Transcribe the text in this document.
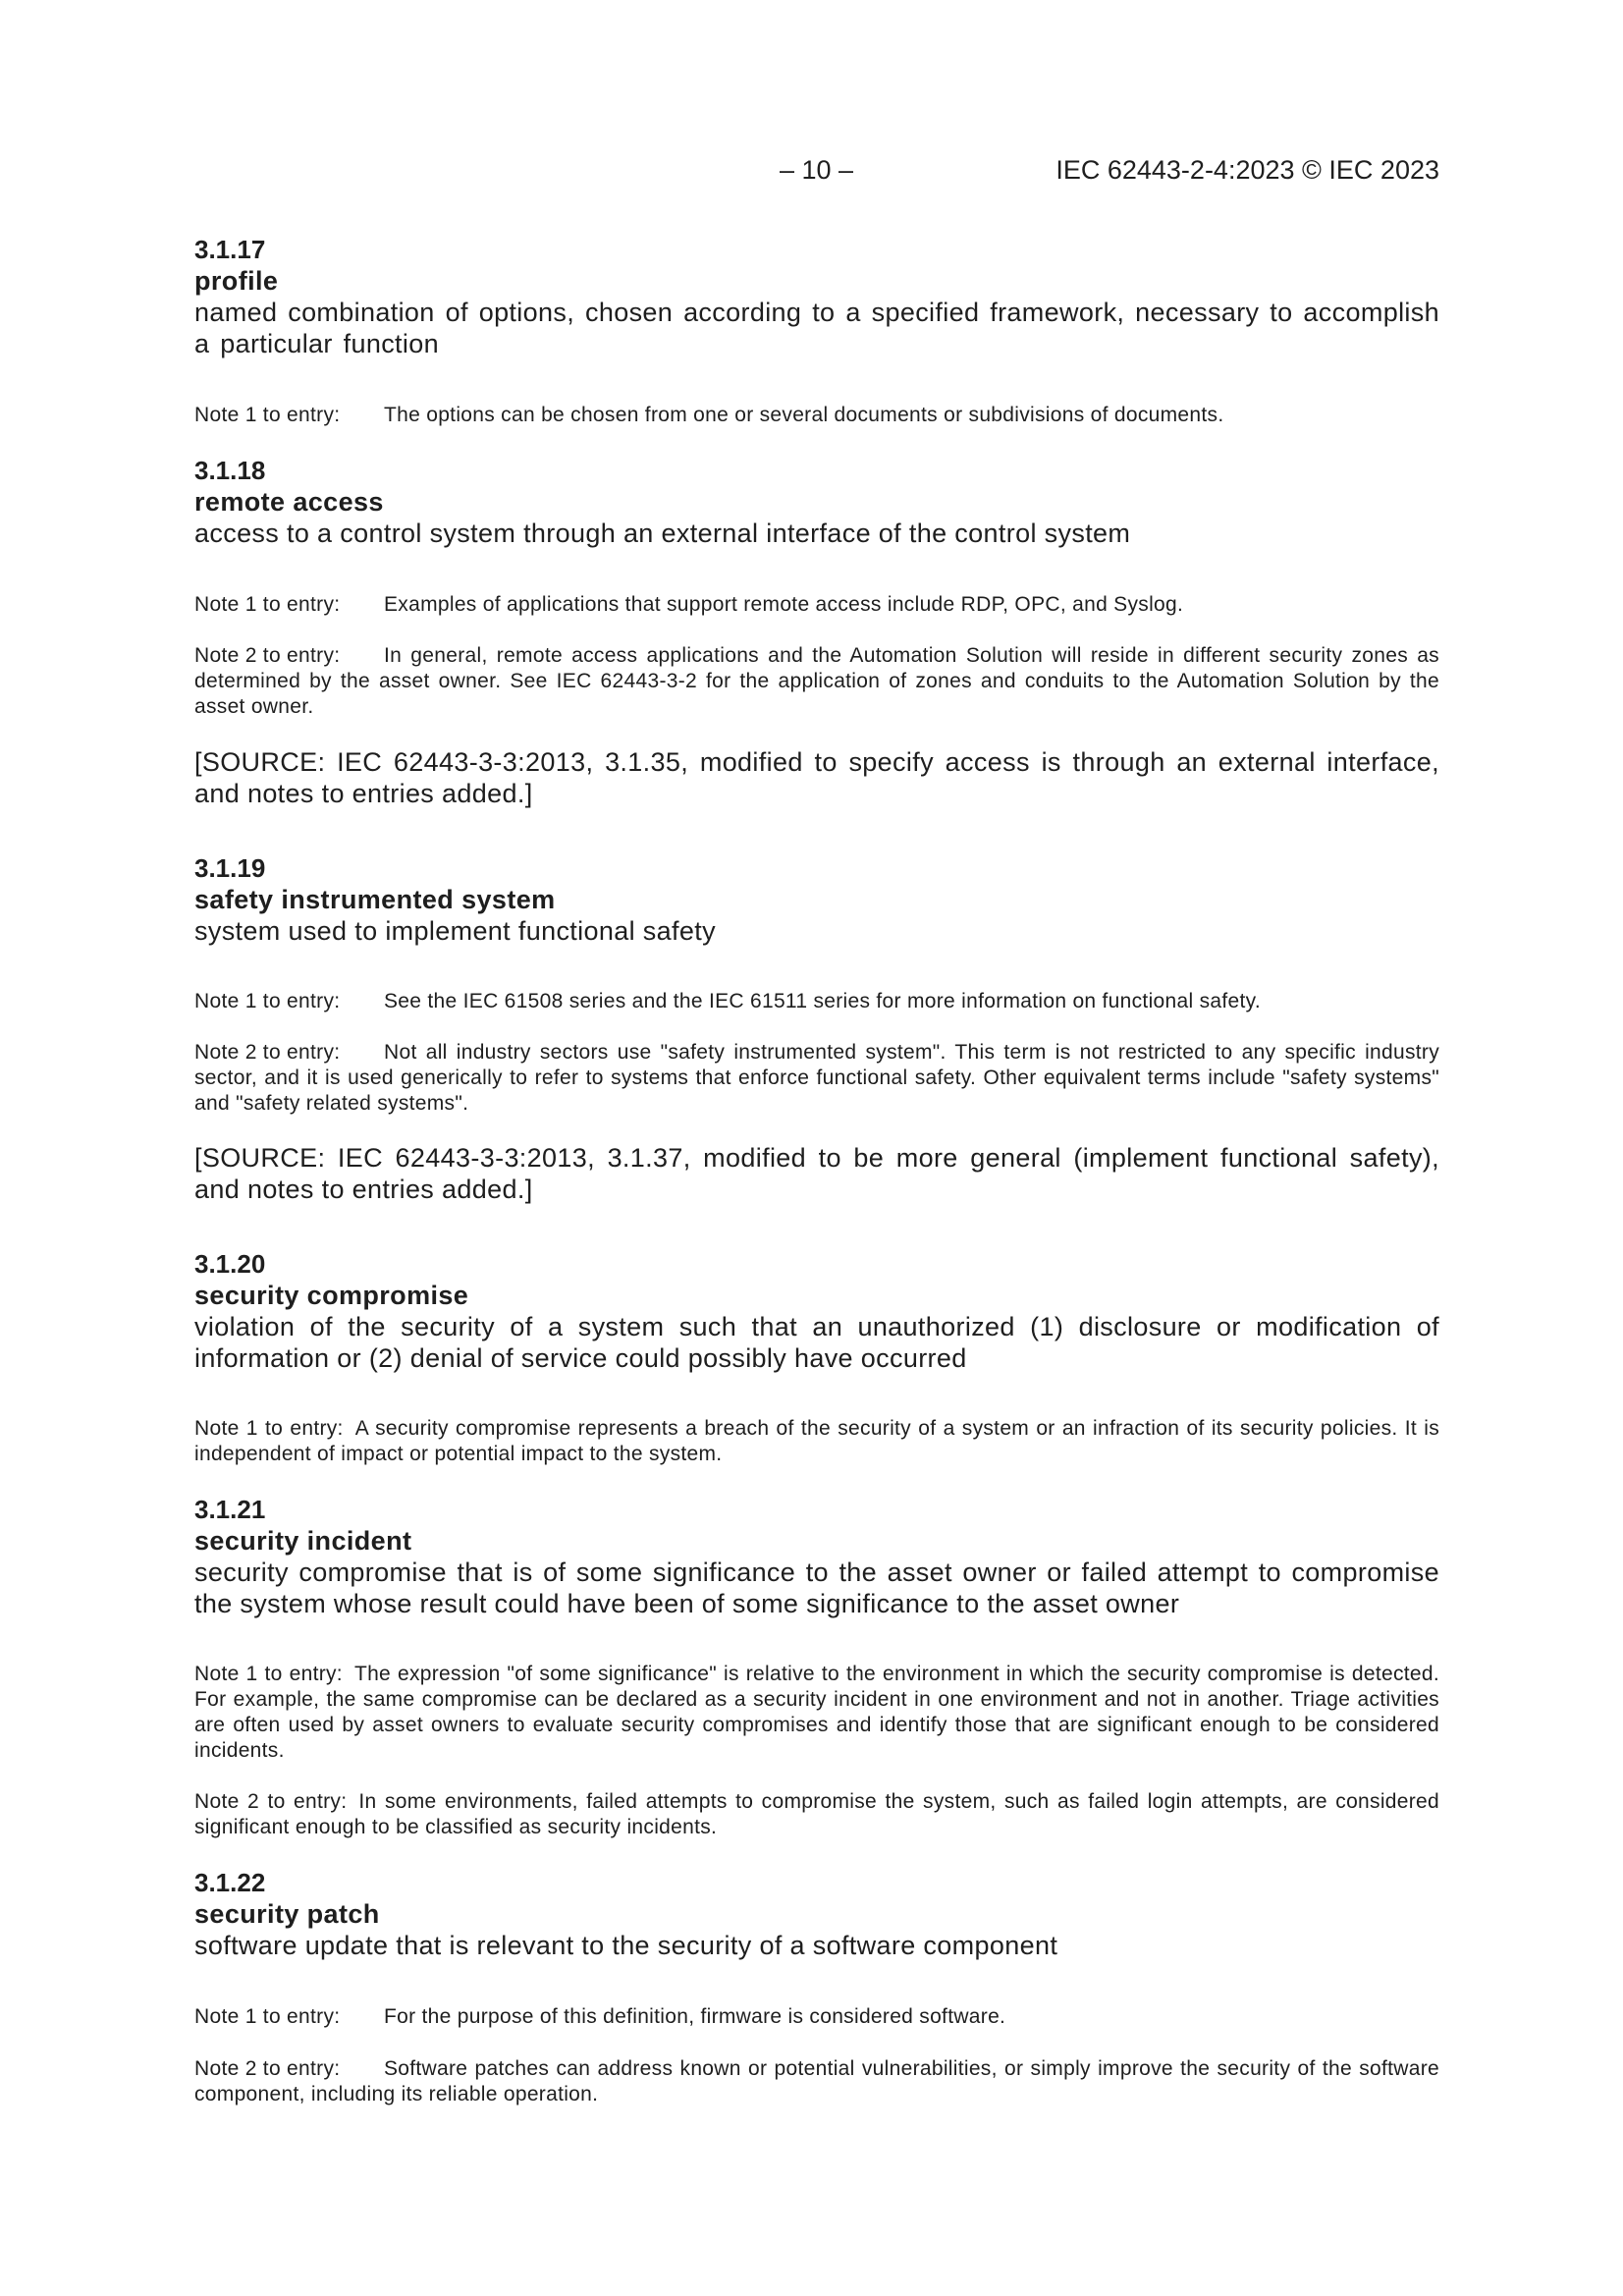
– 10 –	IEC 62443-2-4:2023 © IEC 2023
3.1.17
profile
named combination of options, chosen according to a specified framework, necessary to accomplish a particular function
Note 1 to entry: The options can be chosen from one or several documents or subdivisions of documents.
3.1.18
remote access
access to a control system through an external interface of the control system
Note 1 to entry: Examples of applications that support remote access include RDP, OPC, and Syslog.
Note 2 to entry: In general, remote access applications and the Automation Solution will reside in different security zones as determined by the asset owner. See IEC 62443-3-2 for the application of zones and conduits to the Automation Solution by the asset owner.
[SOURCE: IEC 62443-3-3:2013, 3.1.35, modified to specify access is through an external interface, and notes to entries added.]
3.1.19
safety instrumented system
system used to implement functional safety
Note 1 to entry: See the IEC 61508 series and the IEC 61511 series for more information on functional safety.
Note 2 to entry: Not all industry sectors use "safety instrumented system". This term is not restricted to any specific industry sector, and it is used generically to refer to systems that enforce functional safety. Other equivalent terms include "safety systems" and "safety related systems".
[SOURCE: IEC 62443-3-3:2013, 3.1.37, modified to be more general (implement functional safety), and notes to entries added.]
3.1.20
security compromise
violation of the security of a system such that an unauthorized (1) disclosure or modification of information or (2) denial of service could possibly have occurred
Note 1 to entry: A security compromise represents a breach of the security of a system or an infraction of its security policies. It is independent of impact or potential impact to the system.
3.1.21
security incident
security compromise that is of some significance to the asset owner or failed attempt to compromise the system whose result could have been of some significance to the asset owner
Note 1 to entry: The expression "of some significance" is relative to the environment in which the security compromise is detected. For example, the same compromise can be declared as a security incident in one environment and not in another. Triage activities are often used by asset owners to evaluate security compromises and identify those that are significant enough to be considered incidents.
Note 2 to entry: In some environments, failed attempts to compromise the system, such as failed login attempts, are considered significant enough to be classified as security incidents.
3.1.22
security patch
software update that is relevant to the security of a software component
Note 1 to entry: For the purpose of this definition, firmware is considered software.
Note 2 to entry: Software patches can address known or potential vulnerabilities, or simply improve the security of the software component, including its reliable operation.
